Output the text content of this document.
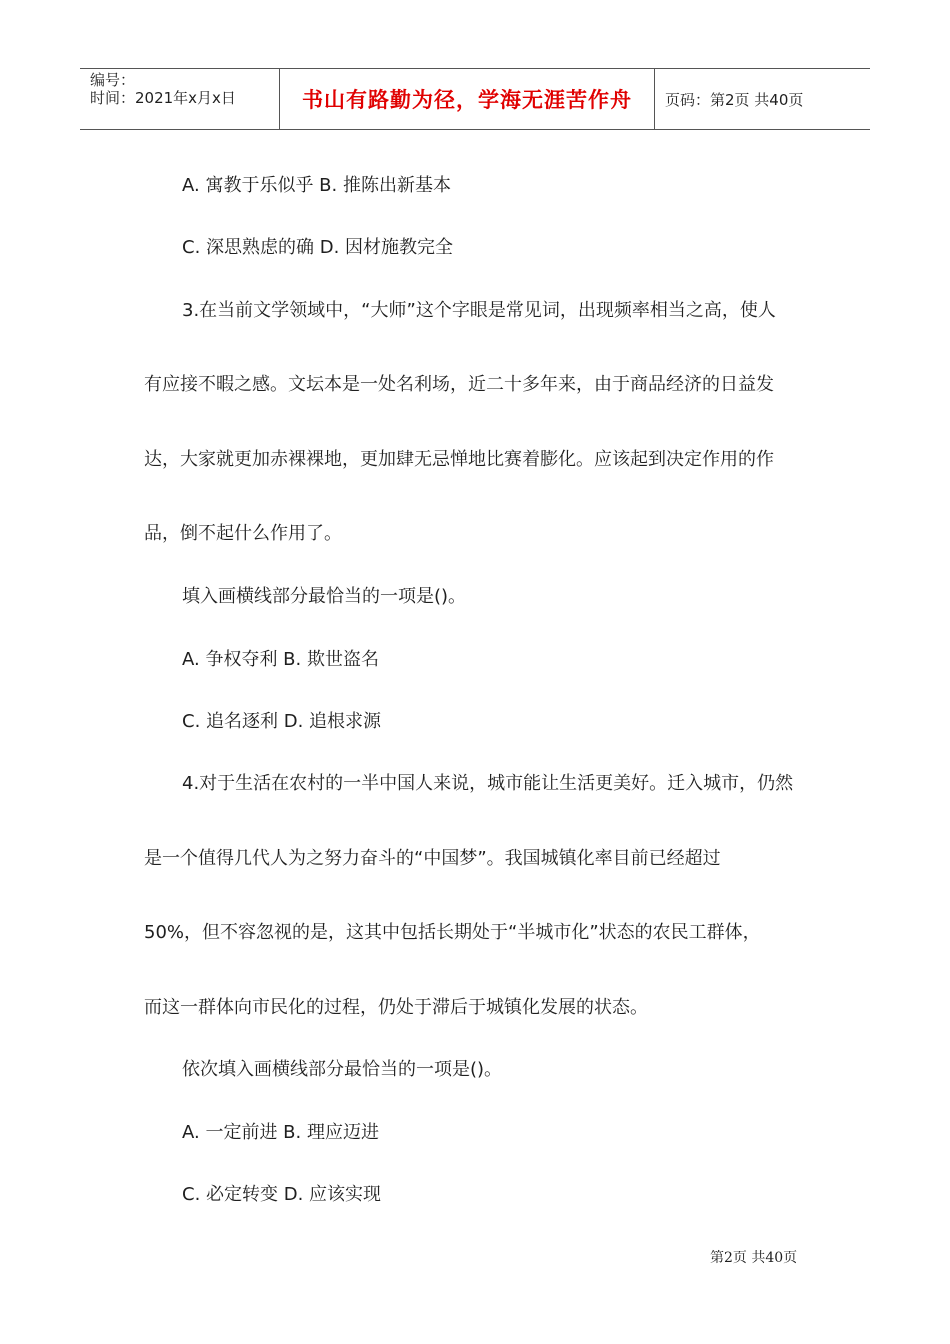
编号：
时间：2021年x月x日	书山有路勤为径，学海无涯苦作舟	页码：第2页 共40页
A. 寓教于乐似乎 B. 推陈出新基本
C. 深思熟虑的确 D. 因材施教完全
3.在当前文学领域中，“大师”这个字眼是常见词，出现频率相当之高，使人
有应接不暇之感。文坛本是一处名利场，近二十多年来，由于商品经济的日益发
达，大家就更加赤裸裸地，更加肆无忌惮地比赛着膨化。应该起到决定作用的作
品，倒不起什么作用了。
填入画横线部分最恰当的一项是()。
A. 争权夺利 B. 欺世盗名
C. 追名逐利 D. 追根求源
4.对于生活在农村的一半中国人来说，城市能让生活更美好。迁入城市，仍然
是一个值得几代人为之努力奋斗的“中国梦”。我国城镇化率目前已经超过
50%，但不容忽视的是，这其中包括长期处于“半城市化”状态的农民工群体，
而这一群体向市民化的过程，仍处于滞后于城镇化发展的状态。
依次填入画横线部分最恰当的一项是()。
A. 一定前进 B. 理应迈进
C. 必定转变 D. 应该实现
第2页 共40页
